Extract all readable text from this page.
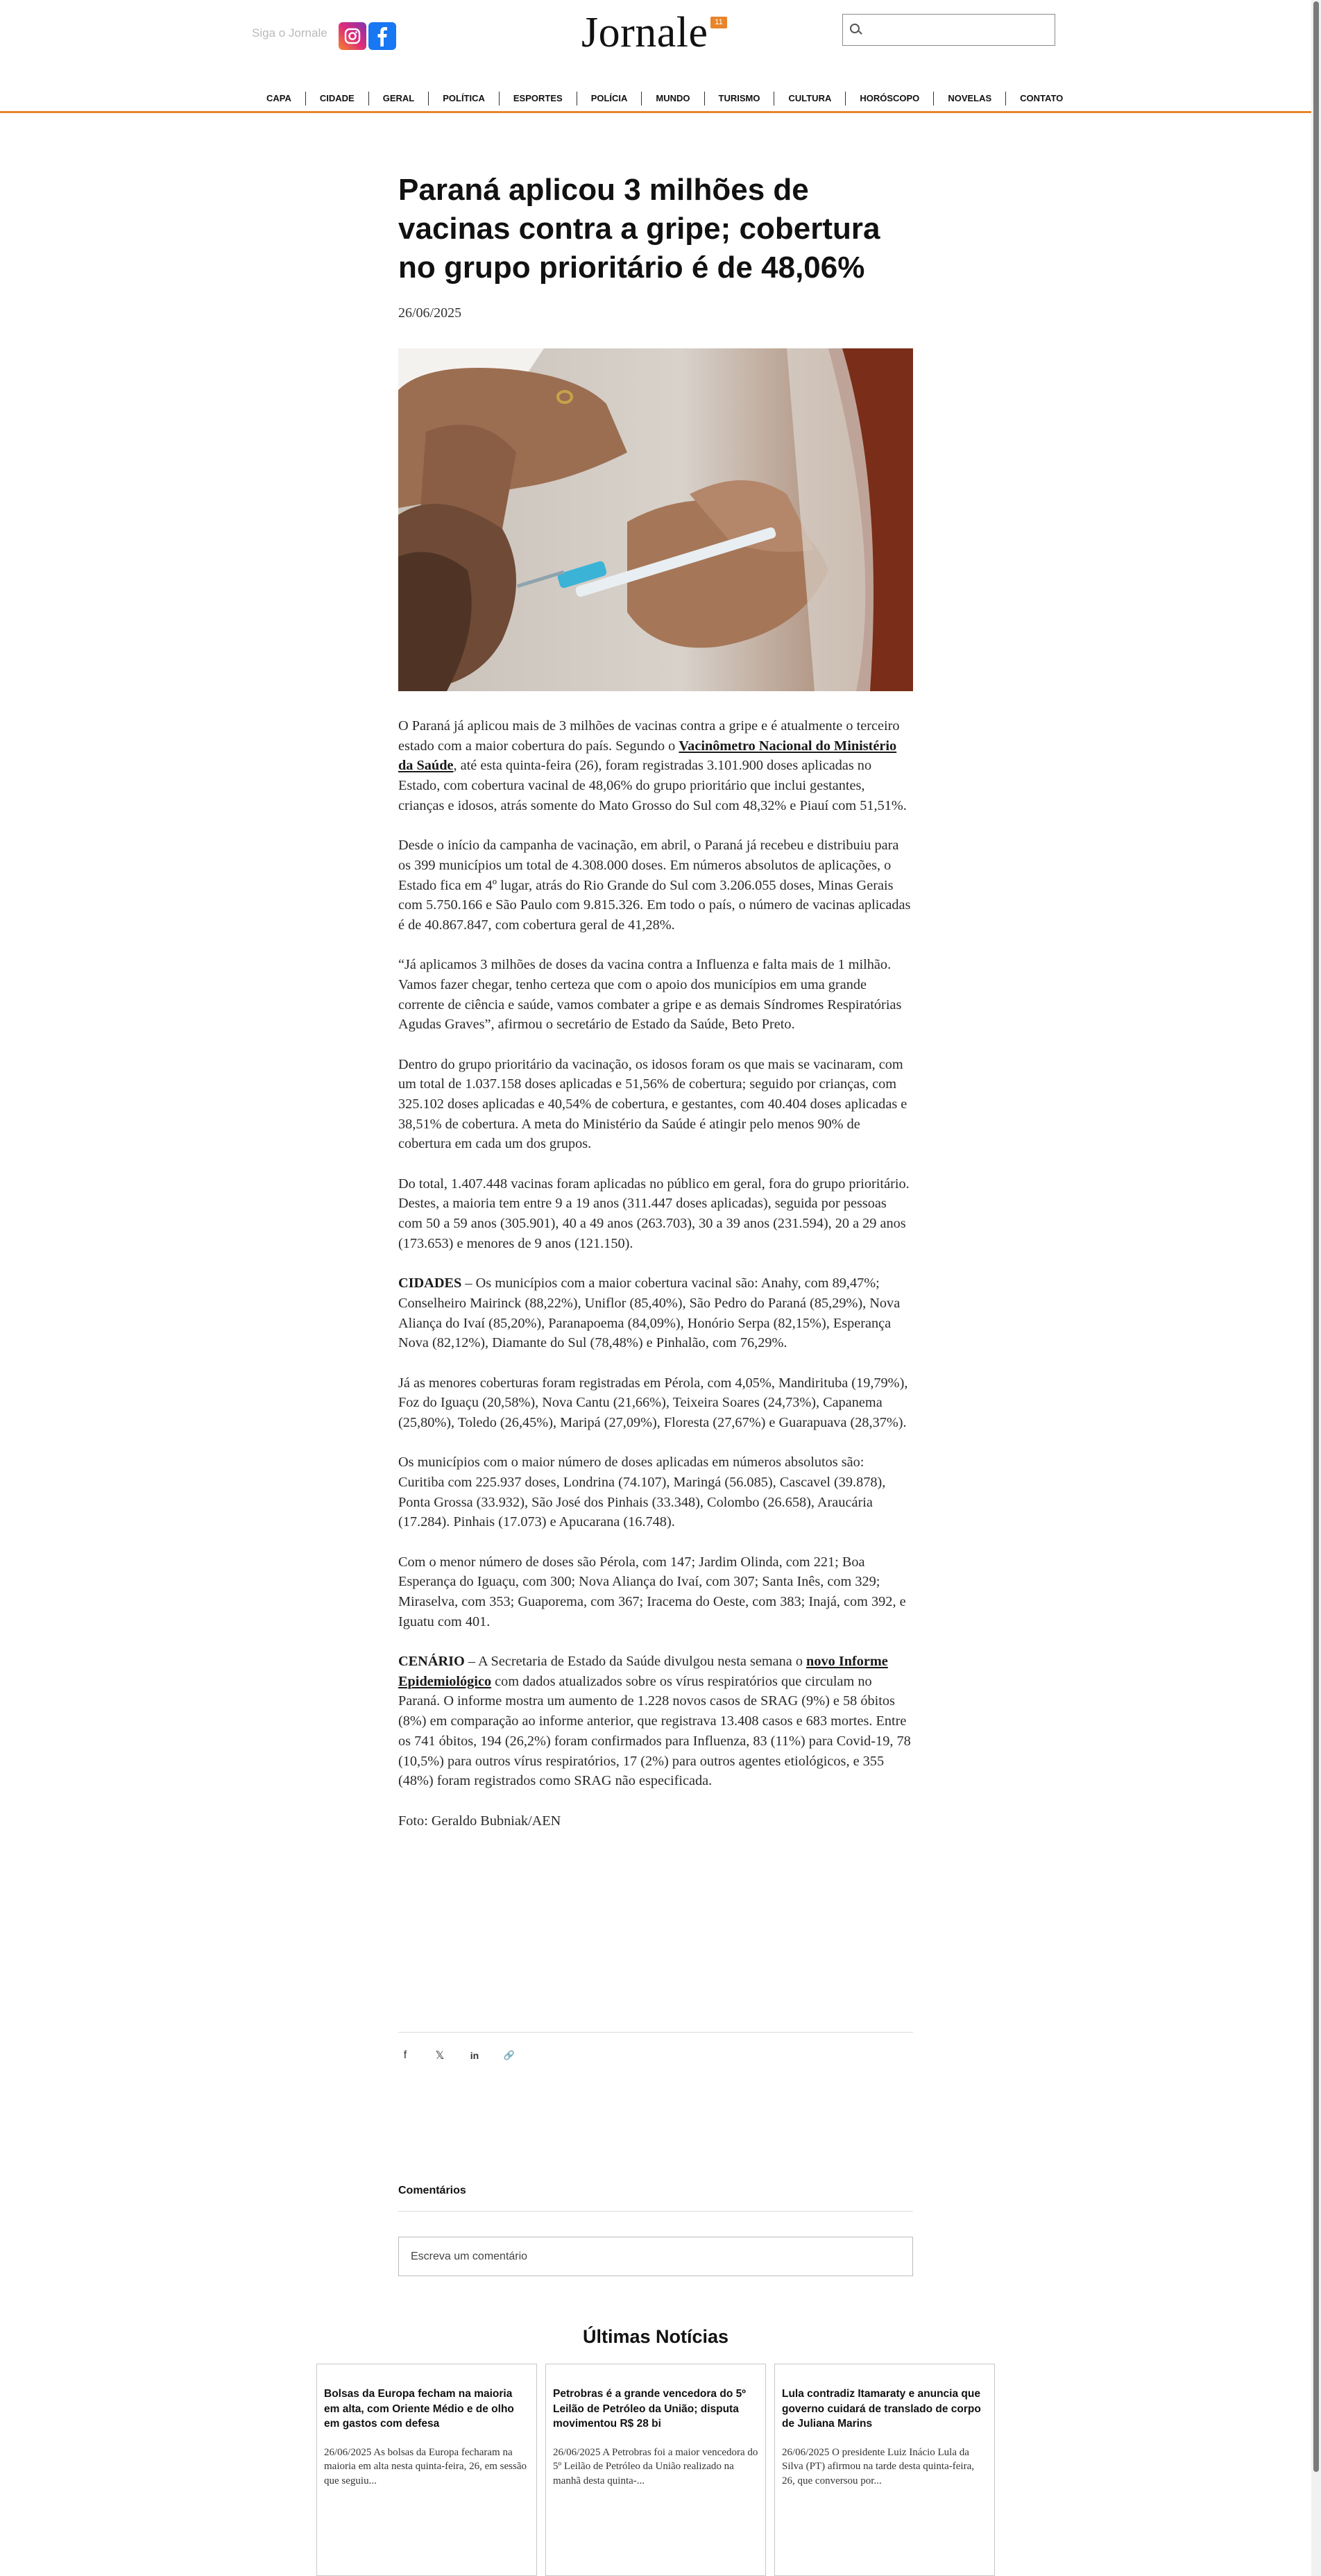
Siga o Jornale	Jornale 11
CAPA	CIDADE	GERAL	POLÍTICA	ESPORTES	POLÍCIA	MUNDO	TURISMO	CULTURA	HORÓSCOPO	NOVELAS	CONTATO
Paraná aplicou 3 milhões de vacinas contra a gripe; cobertura no grupo prioritário é de 48,06%
26/06/2025

O Paraná já aplicou mais de 3 milhões de vacinas contra a gripe e é atualmente o terceiro estado com a maior cobertura do país. Segundo o Vacinômetro Nacional do Ministério da Saúde, até esta quinta-feira (26), foram registradas 3.101.900 doses aplicadas no Estado, com cobertura vacinal de 48,06% do grupo prioritário que inclui gestantes, crianças e idosos, atrás somente do Mato Grosso do Sul com 48,32% e Piauí com 51,51%.

Desde o início da campanha de vacinação, em abril, o Paraná já recebeu e distribuiu para os 399 municípios um total de 4.308.000 doses. Em números absolutos de aplicações, o Estado fica em 4º lugar, atrás do Rio Grande do Sul com 3.206.055 doses, Minas Gerais com 5.750.166 e São Paulo com 9.815.326. Em todo o país, o número de vacinas aplicadas é de 40.867.847, com cobertura geral de 41,28%.

“Já aplicamos 3 milhões de doses da vacina contra a Influenza e falta mais de 1 milhão. Vamos fazer chegar, tenho certeza que com o apoio dos municípios em uma grande corrente de ciência e saúde, vamos combater a gripe e as demais Síndromes Respiratórias Agudas Graves”, afirmou o secretário de Estado da Saúde, Beto Preto.

Dentro do grupo prioritário da vacinação, os idosos foram os que mais se vacinaram, com um total de 1.037.158 doses aplicadas e 51,56% de cobertura; seguido por crianças, com 325.102 doses aplicadas e 40,54% de cobertura, e gestantes, com 40.404 doses aplicadas e 38,51% de cobertura. A meta do Ministério da Saúde é atingir pelo menos 90% de cobertura em cada um dos grupos.

Do total, 1.407.448 vacinas foram aplicadas no público em geral, fora do grupo prioritário. Destes, a maioria tem entre 9 a 19 anos (311.447 doses aplicadas), seguida por pessoas com 50 a 59 anos (305.901), 40 a 49 anos (263.703), 30 a 39 anos (231.594), 20 a 29 anos (173.653) e menores de 9 anos (121.150).

CIDADES – Os municípios com a maior cobertura vacinal são: Anahy, com 89,47%; Conselheiro Mairinck (88,22%), Uniflor (85,40%), São Pedro do Paraná (85,29%), Nova Aliança do Ivaí (85,20%), Paranapoema (84,09%), Honório Serpa (82,15%), Esperança Nova (82,12%), Diamante do Sul (78,48%) e Pinhalão, com 76,29%.

Já as menores coberturas foram registradas em Pérola, com 4,05%, Mandirituba (19,79%), Foz do Iguaçu (20,58%), Nova Cantu (21,66%), Teixeira Soares (24,73%), Capanema (25,80%), Toledo (26,45%), Maripá (27,09%), Floresta (27,67%) e Guarapuava (28,37%).

Os municípios com o maior número de doses aplicadas em números absolutos são: Curitiba com 225.937 doses, Londrina (74.107), Maringá (56.085), Cascavel (39.878), Ponta Grossa (33.932), São José dos Pinhais (33.348), Colombo (26.658), Araucária (17.284). Pinhais (17.073) e Apucarana (16.748).

Com o menor número de doses são Pérola, com 147; Jardim Olinda, com 221; Boa Esperança do Iguaçu, com 300; Nova Aliança do Ivaí, com 307; Santa Inês, com 329; Miraselva, com 353; Guaporema, com 367; Iracema do Oeste, com 383; Inajá, com 392, e Iguatu com 401.

CENÁRIO – A Secretaria de Estado da Saúde divulgou nesta semana o novo Informe Epidemiológico com dados atualizados sobre os vírus respiratórios que circulam no Paraná. O informe mostra um aumento de 1.228 novos casos de SRAG (9%) e 58 óbitos (8%) em comparação ao informe anterior, que registrava 13.408 casos e 683 mortes. Entre os 741 óbitos, 194 (26,2%) foram confirmados para Influenza, 83 (11%) para Covid-19, 78 (10,5%) para outros vírus respiratórios, 17 (2%) para outros agentes etiológicos, e 355 (48%) foram registrados como SRAG não especificada.

Foto: Geraldo Bubniak/AEN

f	𝕏	in	🔗
Comentários
Escreva um comentário
Últimas Notícias
Bolsas da Europa fecham na maioria em alta, com Oriente Médio e de olho em gastos com defesa
26/06/2025 As bolsas da Europa fecharam na maioria em alta nesta quinta-feira, 26, em sessão que seguiu...
Petrobras é a grande vencedora do 5º Leilão de Petróleo da União; disputa movimentou R$ 28 bi
26/06/2025 A Petrobras foi a maior vencedora do 5º Leilão de Petróleo da União realizado na manhã desta quinta-...
Lula contradiz Itamaraty e anuncia que governo cuidará de translado de corpo de Juliana Marins
26/06/2025 O presidente Luiz Inácio Lula da Silva (PT) afirmou na tarde desta quinta-feira, 26, que conversou por...
